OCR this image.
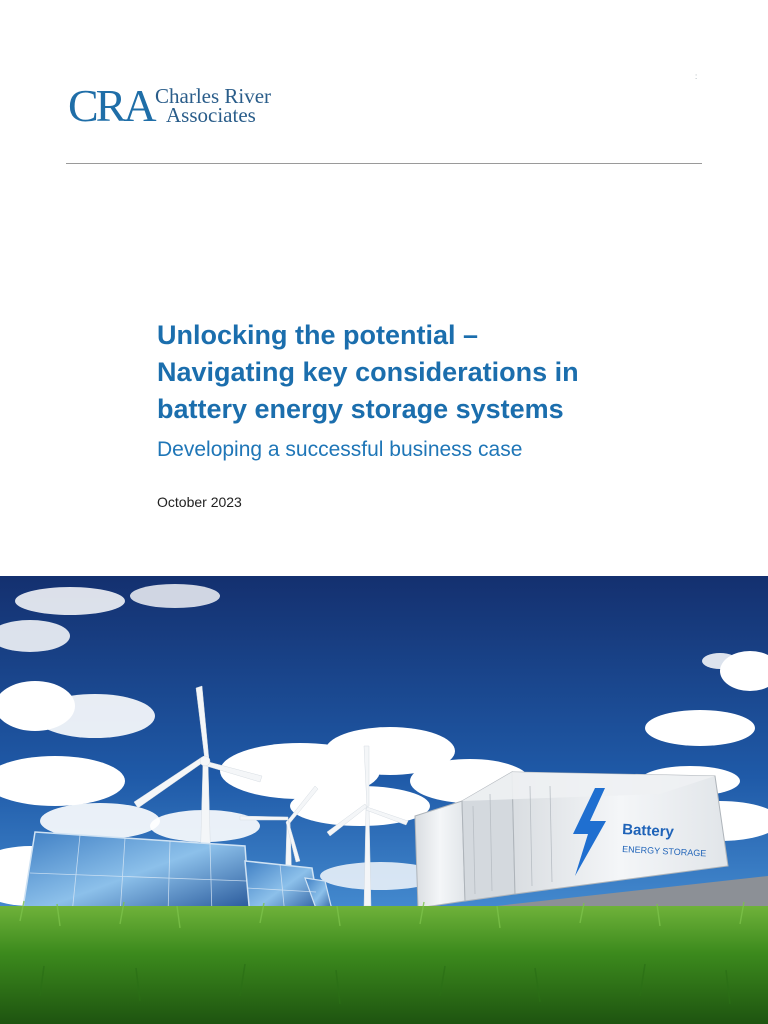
CRA Charles River
Associates
:
Unlocking the potential –
Navigating key considerations in
battery energy storage systems

Developing a successful business case

October 2023
Battery
ENERGY STORAGE
